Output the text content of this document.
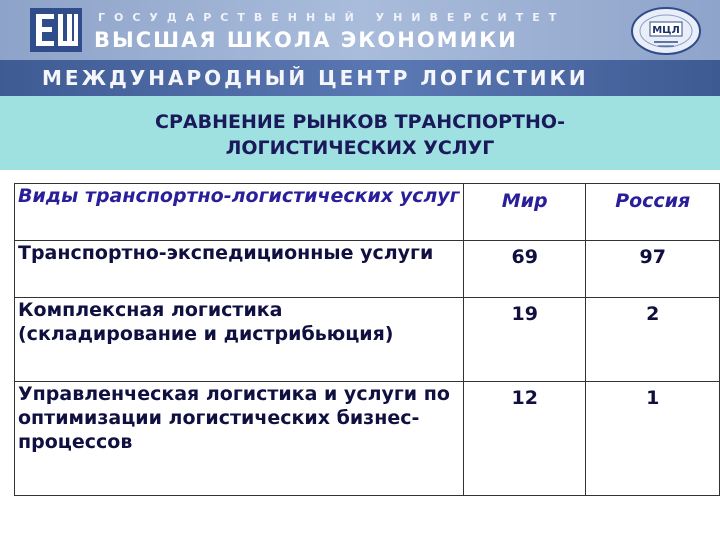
ГОСУДАРСТВЕННЫЙ УНИВЕРСИТЕТ
ВЫСШАЯ ШКОЛА ЭКОНОМИКИ	МЦЛ
МЕЖДУНАРОДНЫЙ ЦЕНТР ЛОГИСТИКИ
СРАВНЕНИЕ РЫНКОВ ТРАНСПОРТНО-
ЛОГИСТИЧЕСКИХ УСЛУГ
Виды транспортно-логистических услуг	Мир	Россия
Транспортно-экспедиционные услуги	69	97
Комплексная логистика (складирование и дистрибьюция)	19	2
Управленческая логистика и услуги по оптимизации логистических бизнес-процессов	12	1
